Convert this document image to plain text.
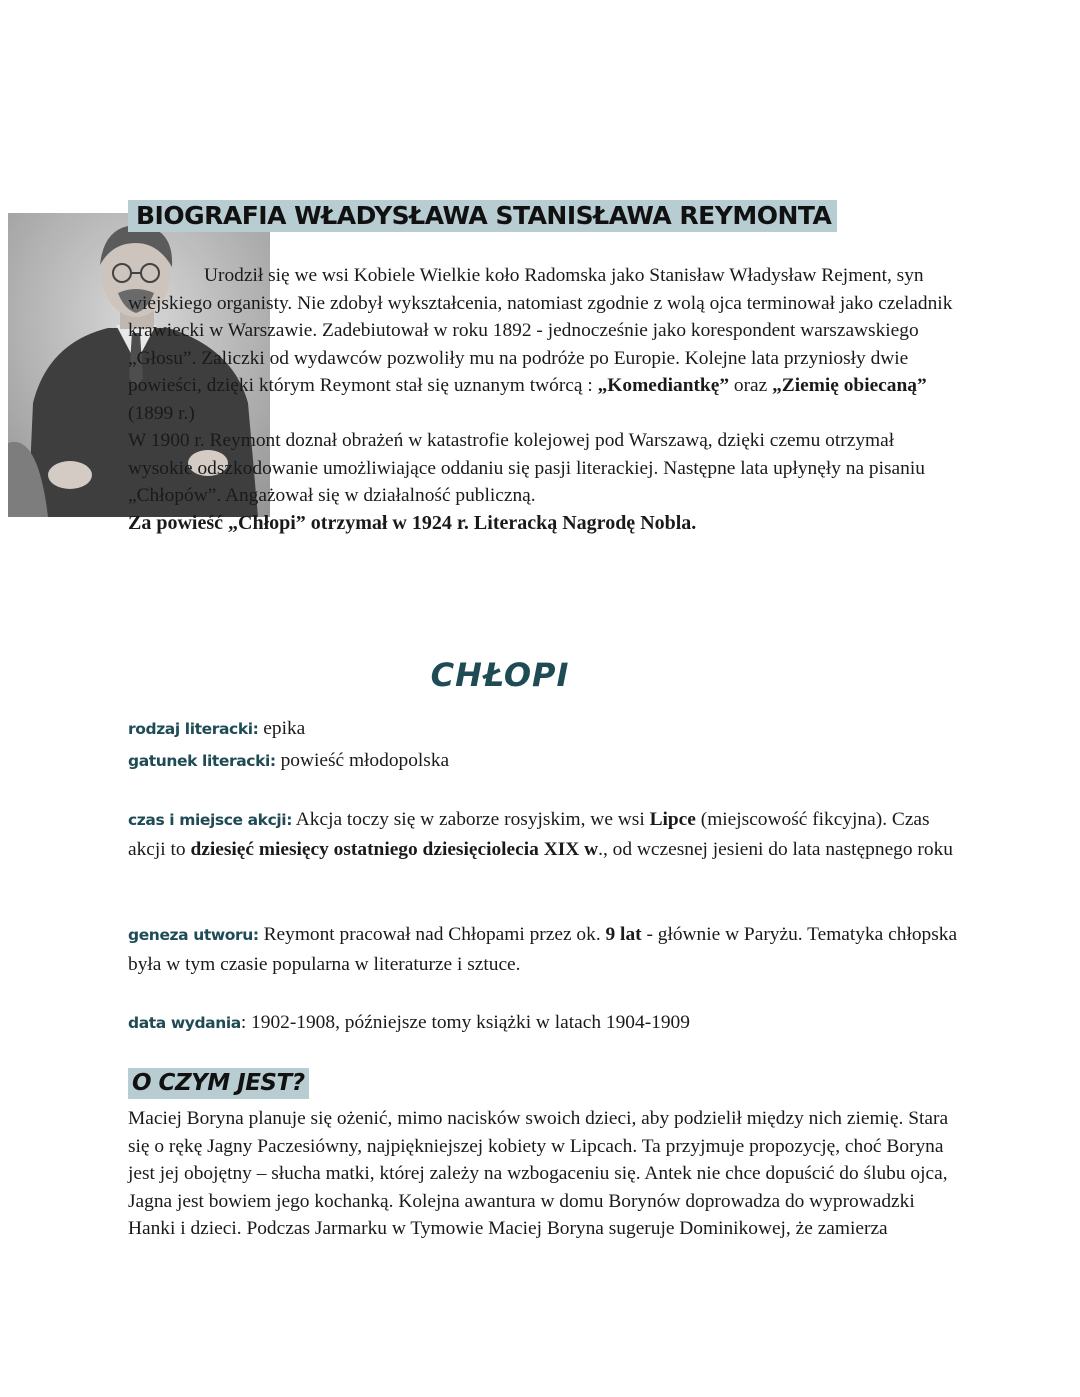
BIOGRAFIA WŁADYSŁAWA STANISŁAWA REYMONTA

Urodził się we wsi Kobiele Wielkie koło Radomska jako Stanisław Władysław Rejment, syn wiejskiego organisty. Nie zdobył wykształcenia, natomiast zgodnie z wolą ojca terminował jako czeladnik krawiecki w Warszawie. Zadebiutował w roku 1892 - jednocześnie jako korespondent warszawskiego „Głosu”. Zaliczki od wydawców pozwoliły mu na podróże po Europie. Kolejne lata przyniosły dwie powieści, dzięki którym Reymont stał się uznanym twórcą : „Komediantkę” oraz „Ziemię obiecaną” (1899 r.)

W 1900 r. Reymont doznał obrażeń w katastrofie kolejowej pod Warszawą, dzięki czemu otrzymał wysokie odszkodowanie umożliwiające oddaniu się pasji literackiej. Następne lata upłynęły na pisaniu „Chłopów”. Angażował się w działalność publiczną.

Za powieść „Chłopi” otrzymał w 1924 r. Literacką Nagrodę Nobla.

CHŁOPI
rodzaj literacki: epika
gatunek literacki: powieść młodopolska
czas i miejsce akcji: Akcja toczy się w zaborze rosyjskim, we wsi Lipce (miejscowość fikcyjna). Czas akcji to dziesięć miesięcy ostatniego dziesięciolecia XIX w., od wczesnej jesieni do lata następnego roku
geneza utworu: Reymont pracował nad Chłopami przez ok. 9 lat - głównie w Paryżu. Tematyka chłopska była w tym czasie popularna w literaturze i sztuce.
data wydania: 1902-1908, późniejsze tomy książki w latach 1904-1909
O CZYM JEST?

Maciej Boryna planuje się ożenić, mimo nacisków swoich dzieci, aby podzielił między nich ziemię. Stara się o rękę Jagny Paczesiówny, najpiękniejszej kobiety w Lipcach. Ta przyjmuje propozycję, choć Boryna jest jej obojętny – słucha matki, której zależy na wzbogaceniu się. Antek nie chce dopuścić do ślubu ojca, Jagna jest bowiem jego kochanką. Kolejna awantura w domu Borynów doprowadza do wyprowadzki Hanki i dzieci. Podczas Jarmarku w Tymowie Maciej Boryna sugeruje Dominikowej, że zamierza
